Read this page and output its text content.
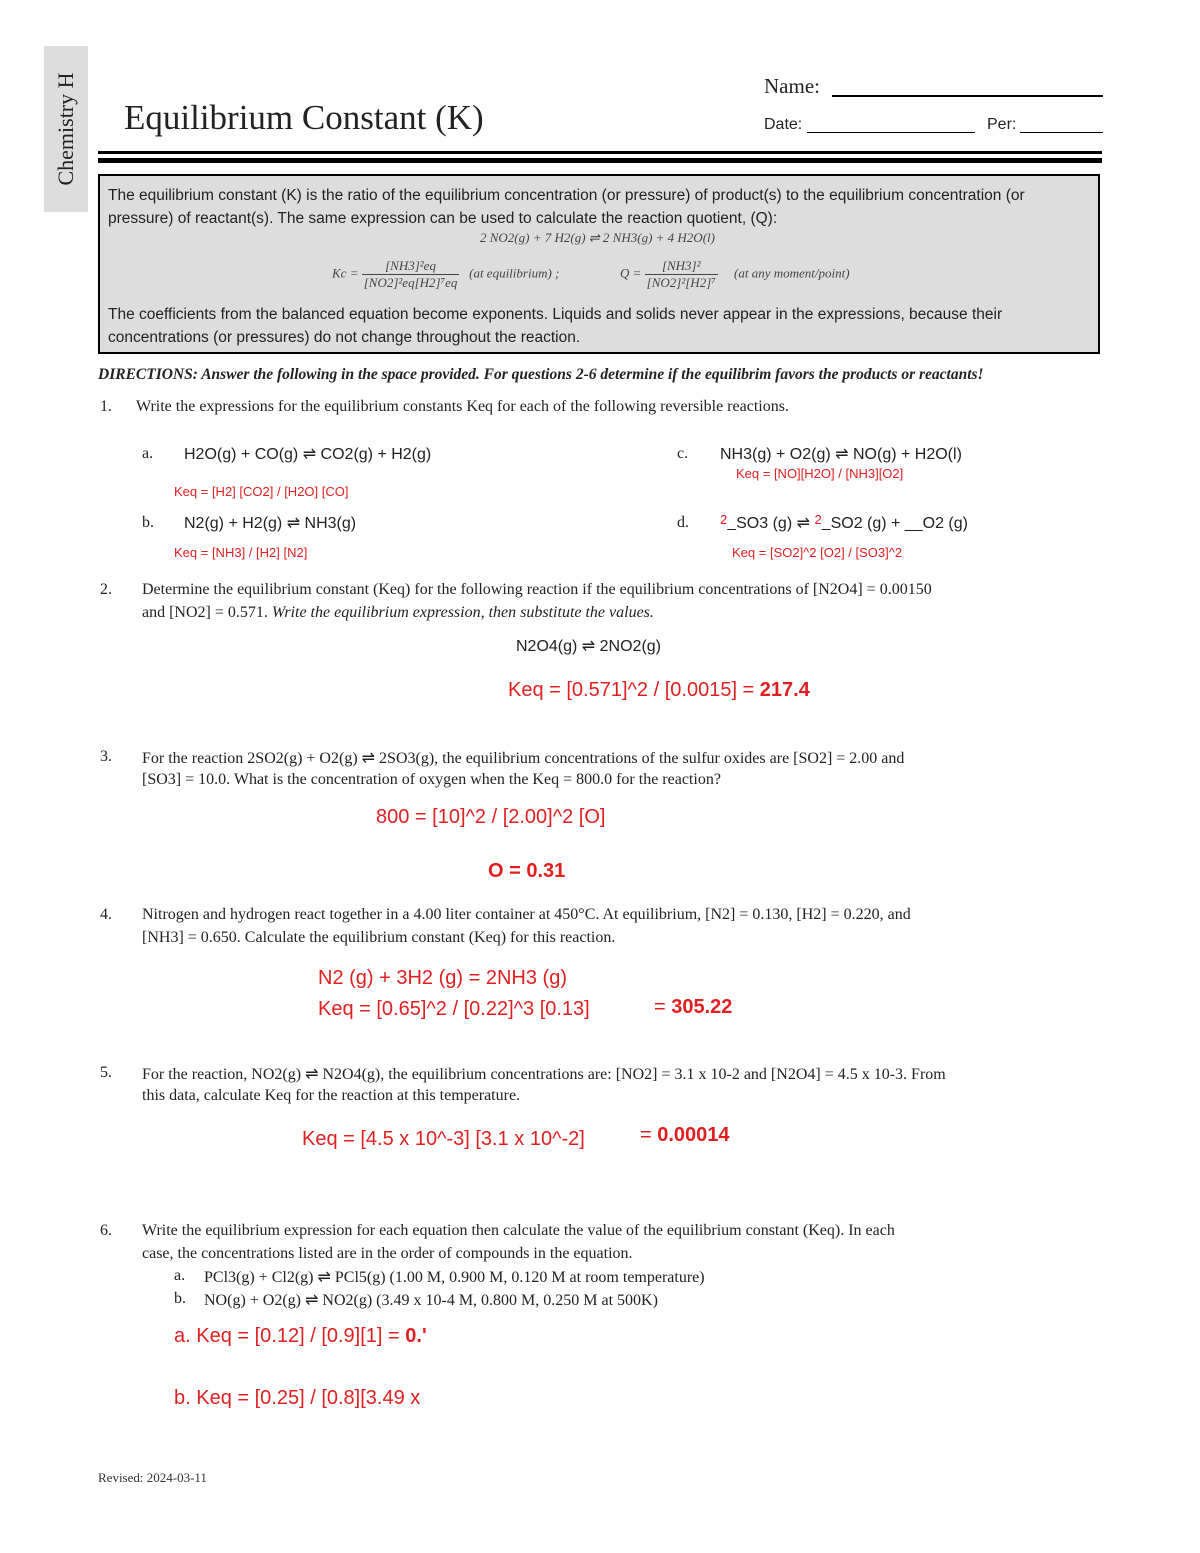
Chemistry H Equilibrium Constant (K)
Name:
Date:	Per:
The equilibrium constant (K) is the ratio of the equilibrium concentration (or pressure) of product(s) to the equilibrium concentration (or pressure) of reactant(s). The same expression can be used to calculate the reaction quotient, (Q):
2 NO2(g) + 7 H2(g) ⇌ 2 NH3(g) + 4 H2O(l)
$Kc = \frac{\text{[NH3]²eq}}{\text{[NO2]²eq[H2]⁷eq}} (at$ equilibrium) ;	$Q = \frac{\text{[NH3]²}}{\text{[NO2]²[H2]⁷}} (at$ any moment/point)
The coefficients from the balanced equation become exponents. Liquids and solids never appear in the expressions, because their concentrations (or pressures) do not change throughout the reaction.
DIRECTIONS: Answer the following in the space provided. For questions 2-6 determine if the equilibrim favors the products or reactants!
1. Write the expressions for the equilibrium constants Keq for each of the following reversible reactions.
a. H2O(g) + CO(g) ⇌ CO2(g) + H2(g)
Keq = [H2] [CO2] / [H2O] [CO]
b. N2(g) + H2(g) ⇌ NH3(g)
Keq = [NH3] / [H2] [N2]
c. NH3(g) + O2(g) ⇌ NO(g) + H2O(l)
Keq = [NO][H2O] / [NH3][O2]
d. $^2$ SO3 (g) ⇌ $^2$ SO2 (g) + __O2 (g)
Keq = [SO2]^2 [O2] / [SO3]^2
2. Determine the equilibrium constant (Keq) for the following reaction if the equilibrium concentrations of [N2O4] = 0.00150
and [NO2] = 0.571. Write the equilibrium expression, then substitute the values.
N2O4(g) ⇌ 2NO2(g)
Keq = [0.571]^2 / [0.0015] = 217.4
3. For the reaction 2SO2(g) + O2(g) ⇌ 2SO3(g), the equilibrium concentrations of the sulfur oxides are [SO2] = 2.00 and
[SO3] = 10.0. What is the concentration of oxygen when the Keq = 800.0 for the reaction?
800 = [10]^2 / [2.00]^2 [O]
O = 0.31
4. Nitrogen and hydrogen react together in a 4.00 liter container at 450°C. At equilibrium, [N2] = 0.130, [H2] = 0.220, and
[NH3] = 0.650. Calculate the equilibrium constant (Keq) for this reaction.
N2 (g) + 3H2 (g) = 2NH3 (g)
Keq = [0.65]^2 / [0.22]^3 [0.13]	= 305.22
5. For the reaction, NO2(g) ⇌ N2O4(g), the equilibrium concentrations are: [NO2] = 3.1 x 10-2 and [N2O4] = 4.5 x 10-3. From
this data, calculate Keq for the reaction at this temperature.
Keq = [4.5 x 10^-3] [3.1 x 10^-2]	= 0.00014
6. Write the equilibrium expression for each equation then calculate the value of the equilibrium constant (Keq). In each
case, the concentrations listed are in the order of compounds in the equation.
a. PCl3(g) + Cl2(g) ⇌ PCl5(g) (1.00 M, 0.900 M, 0.120 M at room temperature)
b. NO(g) + O2(g) ⇌ NO2(g) (3.49 x 10-4 M, 0.800 M, 0.250 M at 500K)
a. Keq = [0.12] / [0.9][1] = 0.'
b. Keq = [0.25] / [0.8][3.49 x
Revised: 2024-03-11
